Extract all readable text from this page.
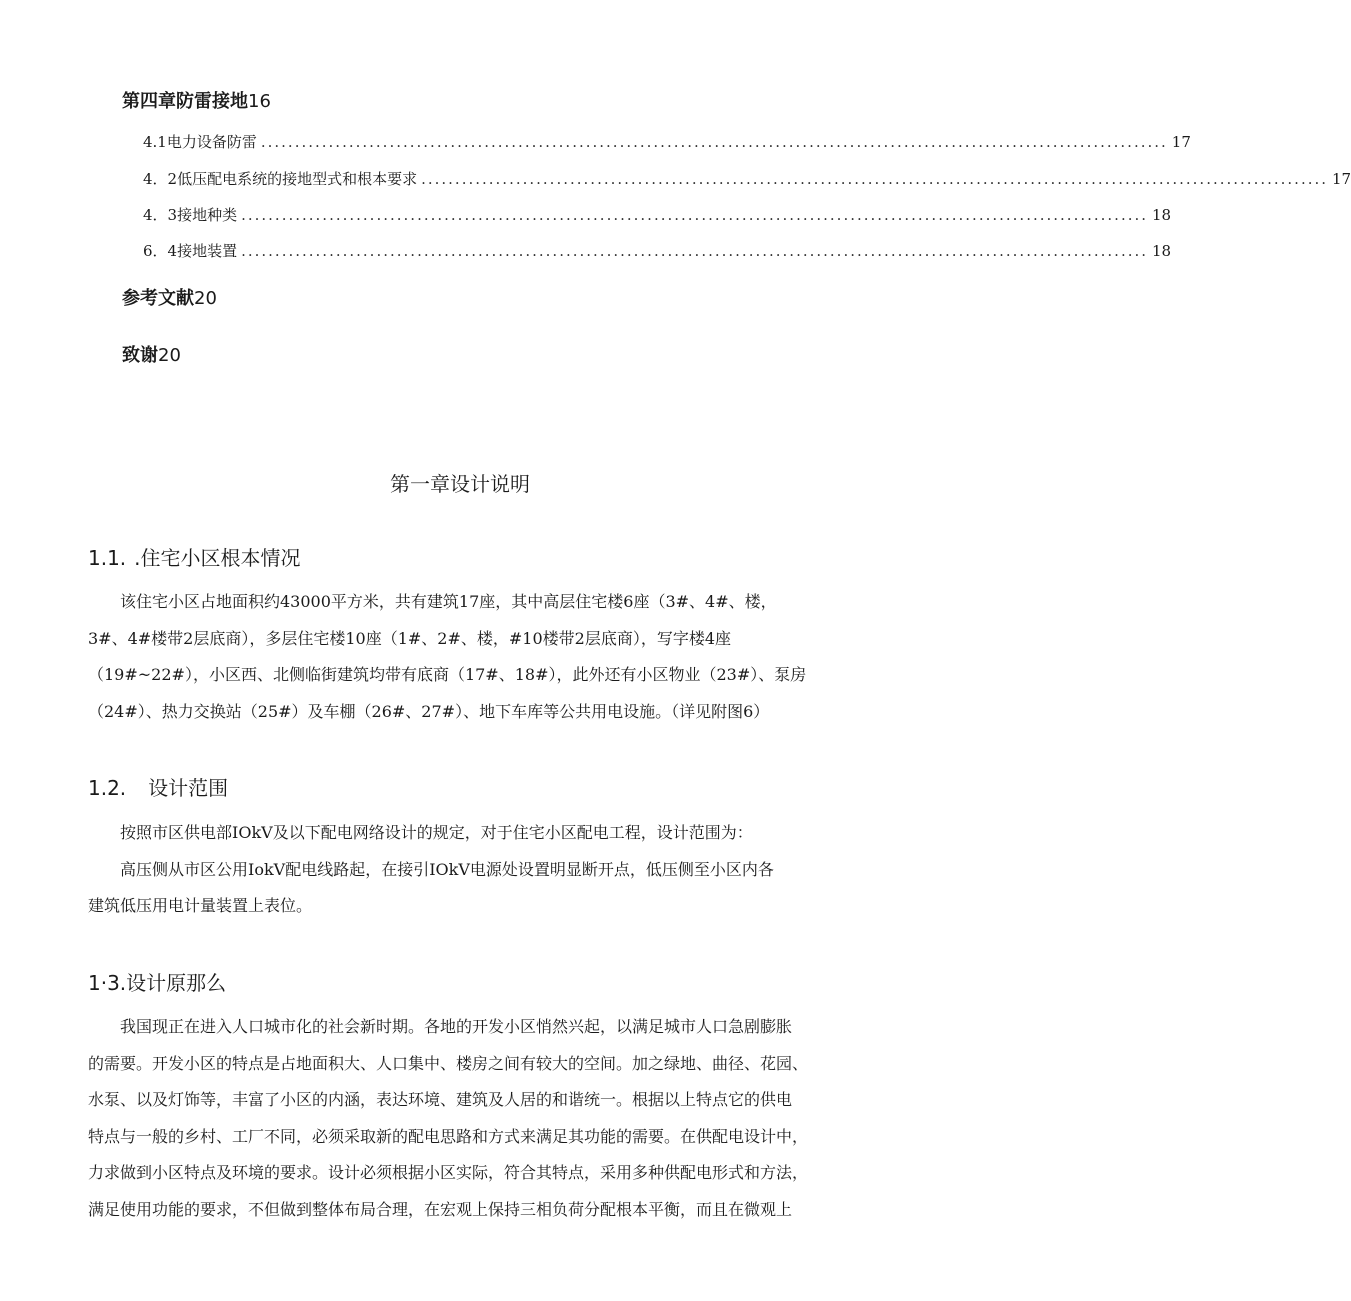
第四章防雷接地16
4.1电力设备防雷 ...................................................................................................................................... 17
4．2低压配电系统的接地型式和根本要求 ...................................................................................................................................... 17
4．3接地种类 ...................................................................................................................................... 18
6．4接地装置 ...................................................................................................................................... 18
参考文献20
致谢20
第一章设计说明
1.1. .住宅小区根本情况

该住宅小区占地面积约43000平方米，共有建筑17座，其中高层住宅楼6座（3#、4#、楼，

3#、4#楼带2层底商），多层住宅楼10座（1#、2#、楼，#10楼带2层底商），写字楼4座

（19#~22#），小区西、北侧临街建筑均带有底商（17#、18#），此外还有小区物业（23#）、泵房

（24#）、热力交换站（25#）及车棚（26#、27#）、地下车库等公共用电设施。（详见附图6）

1.2. 设计范围

按照市区供电部IOkV及以下配电网络设计的规定，对于住宅小区配电工程，设计范围为：

高压侧从市区公用IokV配电线路起，在接引IOkV电源处设置明显断开点，低压侧至小区内各

建筑低压用电计量装置上表位。

1·3.设计原那么

我国现正在进入人口城市化的社会新时期。各地的开发小区悄然兴起，以满足城市人口急剧膨胀

的需要。开发小区的特点是占地面积大、人口集中、楼房之间有较大的空间。加之绿地、曲径、花园、

水泵、以及灯饰等，丰富了小区的内涵，表达环境、建筑及人居的和谐统一。根据以上特点它的供电

特点与一般的乡村、工厂不同，必须采取新的配电思路和方式来满足其功能的需要。在供配电设计中，

力求做到小区特点及环境的要求。设计必须根据小区实际，符合其特点，采用多种供配电形式和方法，

满足使用功能的要求，不但做到整体布局合理，在宏观上保持三相负荷分配根本平衡，而且在微观上
